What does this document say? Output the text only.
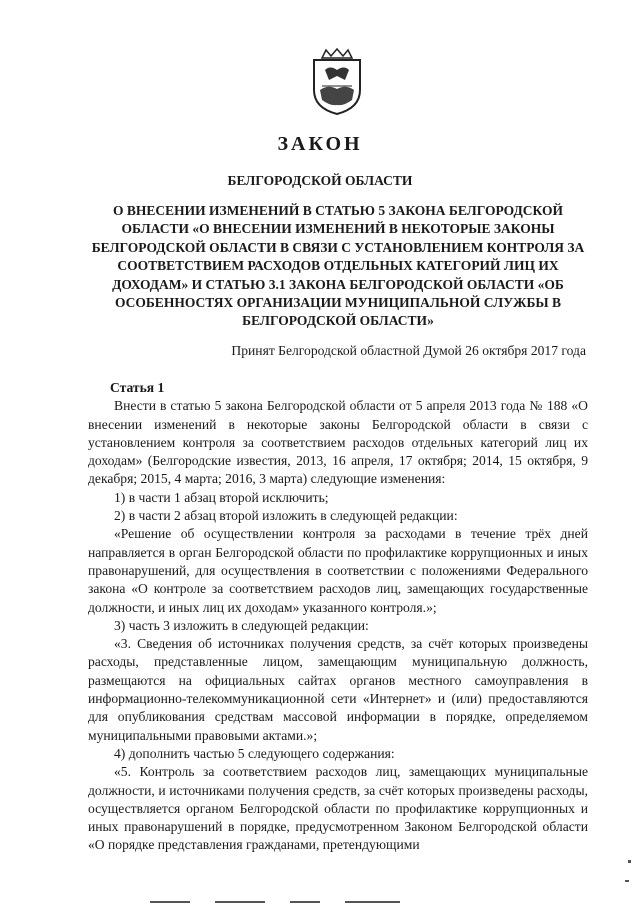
ЗАКОН
БЕЛГОРОДСКОЙ ОБЛАСТИ

О ВНЕСЕНИИ ИЗМЕНЕНИЙ В СТАТЬЮ 5 ЗАКОНА БЕЛГОРОДСКОЙ ОБЛАСТИ «О ВНЕСЕНИИ ИЗМЕНЕНИЙ В НЕКОТОРЫЕ ЗАКОНЫ БЕЛГОРОДСКОЙ ОБЛАСТИ В СВЯЗИ С УСТАНОВЛЕНИЕМ КОНТРОЛЯ ЗА СООТВЕТСТВИЕМ РАСХОДОВ ОТДЕЛЬНЫХ КАТЕГОРИЙ ЛИЦ ИХ ДОХОДАМ» И СТАТЬЮ 3.1 ЗАКОНА БЕЛГОРОДСКОЙ ОБЛАСТИ «ОБ ОСОБЕННОСТЯХ ОРГАНИЗАЦИИ МУНИЦИПАЛЬНОЙ СЛУЖБЫ В БЕЛГОРОДСКОЙ ОБЛАСТИ»

Принят Белгородской областной Думой 26 октября 2017 года

Статья 1

Внести в статью 5 закона Белгородской области от 5 апреля 2013 года № 188 «О внесении изменений в некоторые законы Белгородской области в связи с установлением контроля за соответствием расходов отдельных категорий лиц их доходам» (Белгородские известия, 2013, 16 апреля, 17 октября; 2014, 15 октября, 9 декабря; 2015, 4 марта; 2016, 3 марта) следующие изменения:

1) в части 1 абзац второй исключить;

2) в части 2 абзац второй изложить в следующей редакции:

«Решение об осуществлении контроля за расходами в течение трёх дней направляется в орган Белгородской области по профилактике коррупционных и иных правонарушений, для осуществления в соответствии с положениями Федерального закона «О контроле за соответствием расходов лиц, замещающих государственные должности, и иных лиц их доходам» указанного контроля.»;

3) часть 3 изложить в следующей редакции:

«3. Сведения об источниках получения средств, за счёт которых произведены расходы, представленные лицом, замещающим муниципальную должность, размещаются на официальных сайтах органов местного самоуправления в информационно-телекоммуникационной сети «Интернет» и (или) предоставляются для опубликования средствам массовой информации в порядке, определяемом муниципальными правовыми актами.»;

4) дополнить частью 5 следующего содержания:

«5. Контроль за соответствием расходов лиц, замещающих муниципальные должности, и источниками получения средств, за счёт которых произведены расходы, осуществляется органом Белгородской области по профилактике коррупционных и иных правонарушений в порядке, предусмотренном Законом Белгородской области «О порядке представления гражданами, претендующими
